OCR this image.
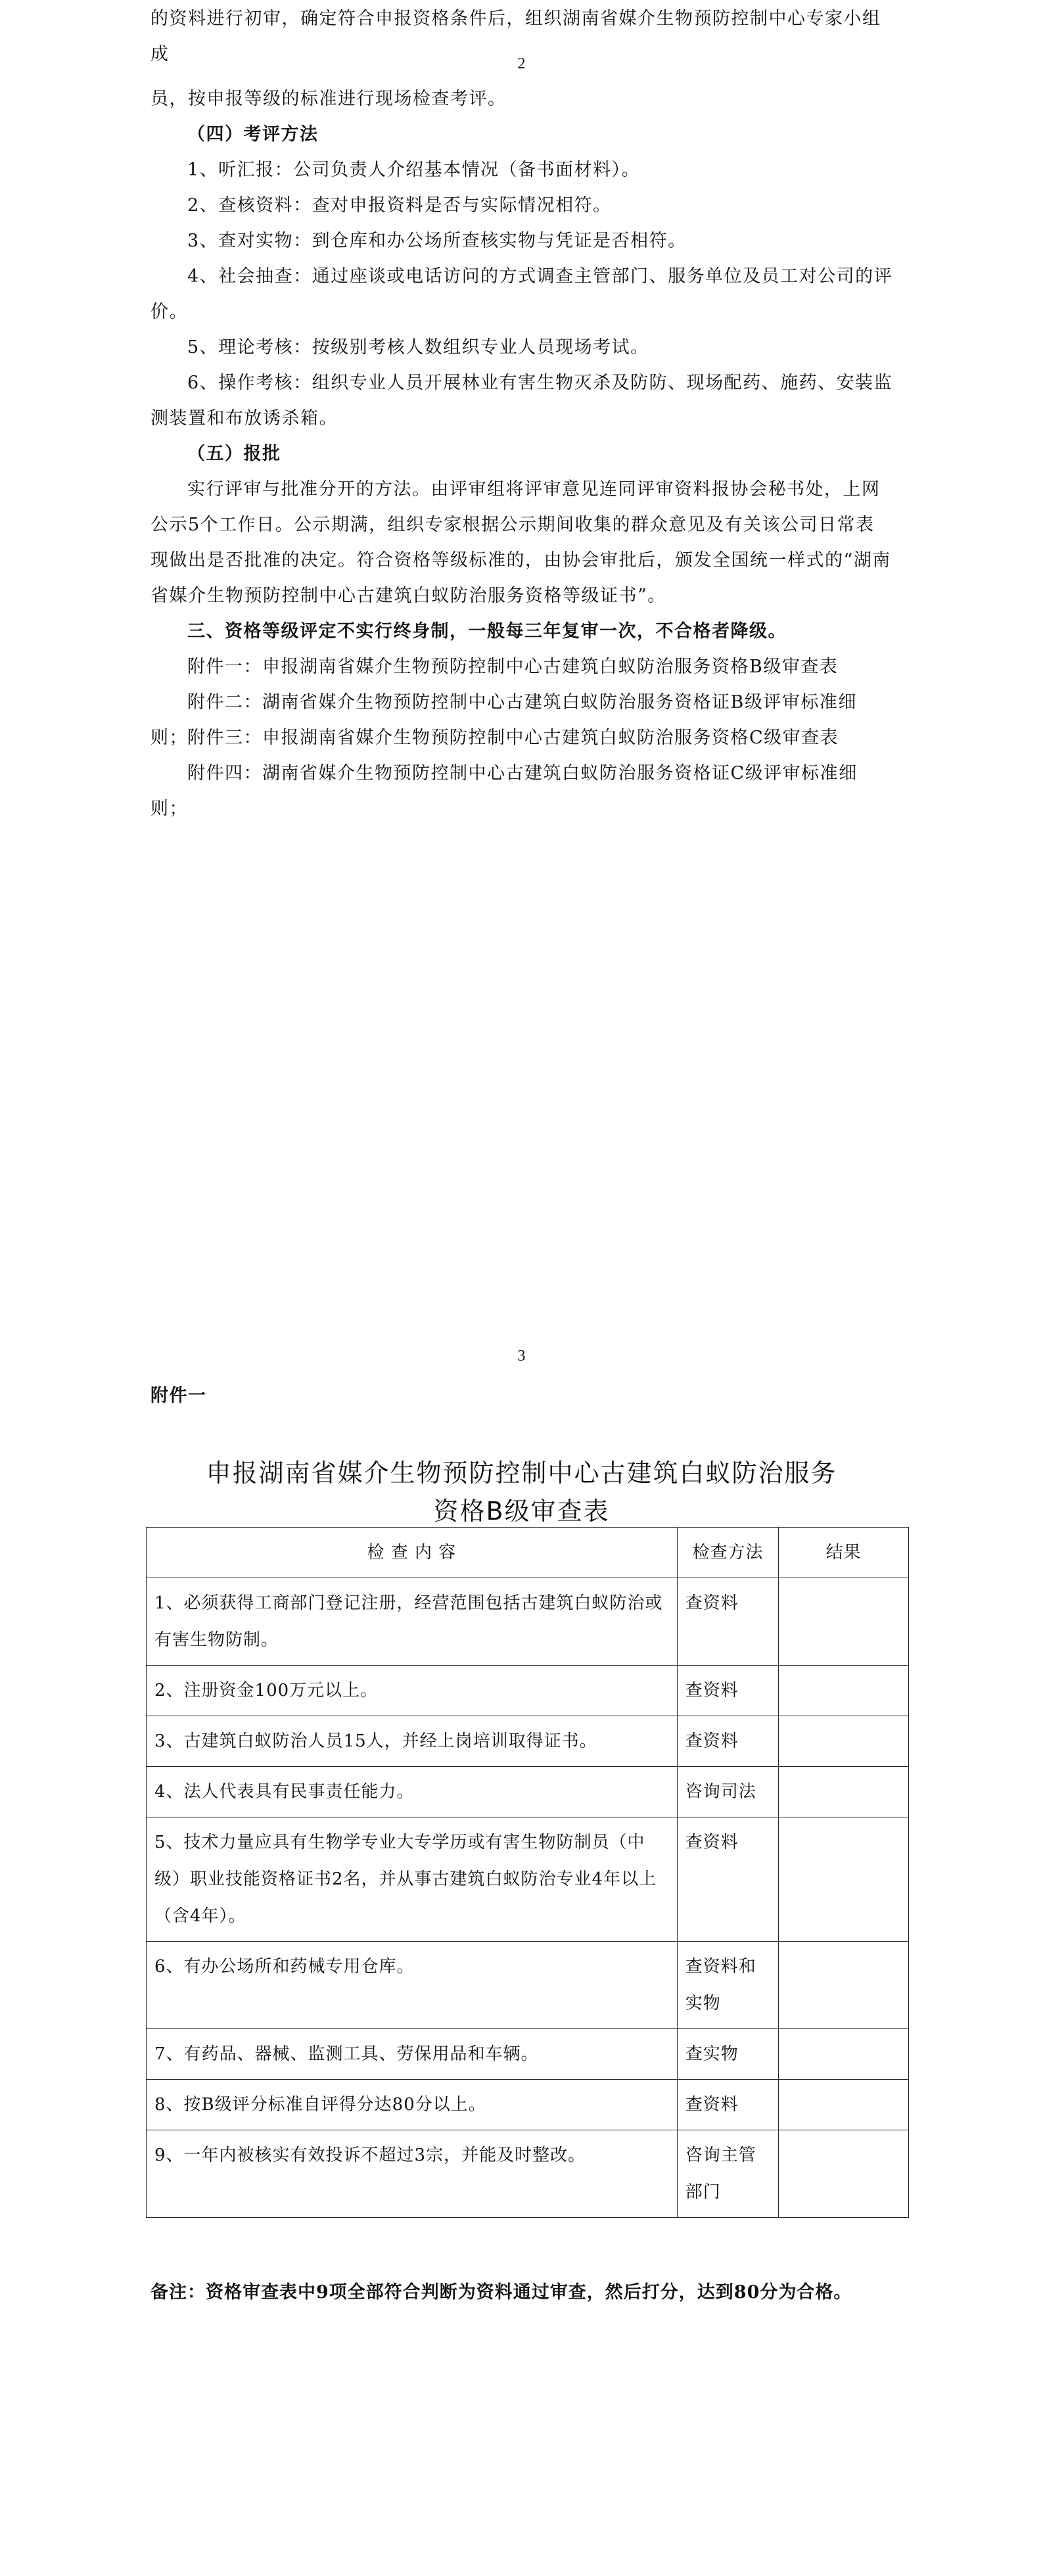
的资料进行初审，确定符合申报资格条件后，组织湖南省媒介生物预防控制中心专家小组成	2

员，按申报等级的标准进行现场检查考评。

（四）考评方法

1、听汇报：公司负责人介绍基本情况（备书面材料）。

2、查核资料：查对申报资料是否与实际情况相符。

3、查对实物：到仓库和办公场所查核实物与凭证是否相符。

4、社会抽查：通过座谈或电话访问的方式调查主管部门、服务单位及员工对公司的评价。

5、理论考核：按级别考核人数组织专业人员现场考试。

6、操作考核：组织专业人员开展林业有害生物灭杀及防防、现场配药、施药、安装监测装置和布放诱杀箱。

（五）报批

实行评审与批准分开的方法。由评审组将评审意见连同评审资料报协会秘书处，上网公示5个工作日。公示期满，组织专家根据公示期间收集的群众意见及有关该公司日常表现做出是否批准的决定。符合资格等级标准的，由协会审批后，颁发全国统一样式的“湖南省媒介生物预防控制中心古建筑白蚁防治服务资格等级证书”。

三、资格等级评定不实行终身制，一般每三年复审一次，不合格者降级。

附件一：申报湖南省媒介生物预防控制中心古建筑白蚁防治服务资格B级审查表

附件二：湖南省媒介生物预防控制中心古建筑白蚁防治服务资格证B级评审标准细则； 附件三：申报湖南省媒介生物预防控制中心古建筑白蚁防治服务资格C级审查表

附件四：湖南省媒介生物预防控制中心古建筑白蚁防治服务资格证C级评审标准细则；

3

附件一

申报湖南省媒介生物预防控制中心古建筑白蚁防治服务
资格B级审查表
检 查 内 容	检查方法	结果
1、必须获得工商部门登记注册，经营范围包括古建筑白蚁防治或有害生物防制。	查资料	
2、注册资金100万元以上。	查资料	
3、古建筑白蚁防治人员15人，并经上岗培训取得证书。	查资料	
4、法人代表具有民事责任能力。	咨询司法	
5、技术力量应具有生物学专业大专学历或有害生物防制员（中级）职业技能资格证书2名，并从事古建筑白蚁防治专业4年以上（含4年）。	查资料	
6、有办公场所和药械专用仓库。	查资料和实物	
7、有药品、器械、监测工具、劳保用品和车辆。	查实物	
8、按B级评分标准自评得分达80分以上。	查资料	
9、一年内被核实有效投诉不超过3宗，并能及时整改。	咨询主管部门	
备注：资格审查表中9项全部符合判断为资料通过审查，然后打分，达到80分为合格。
